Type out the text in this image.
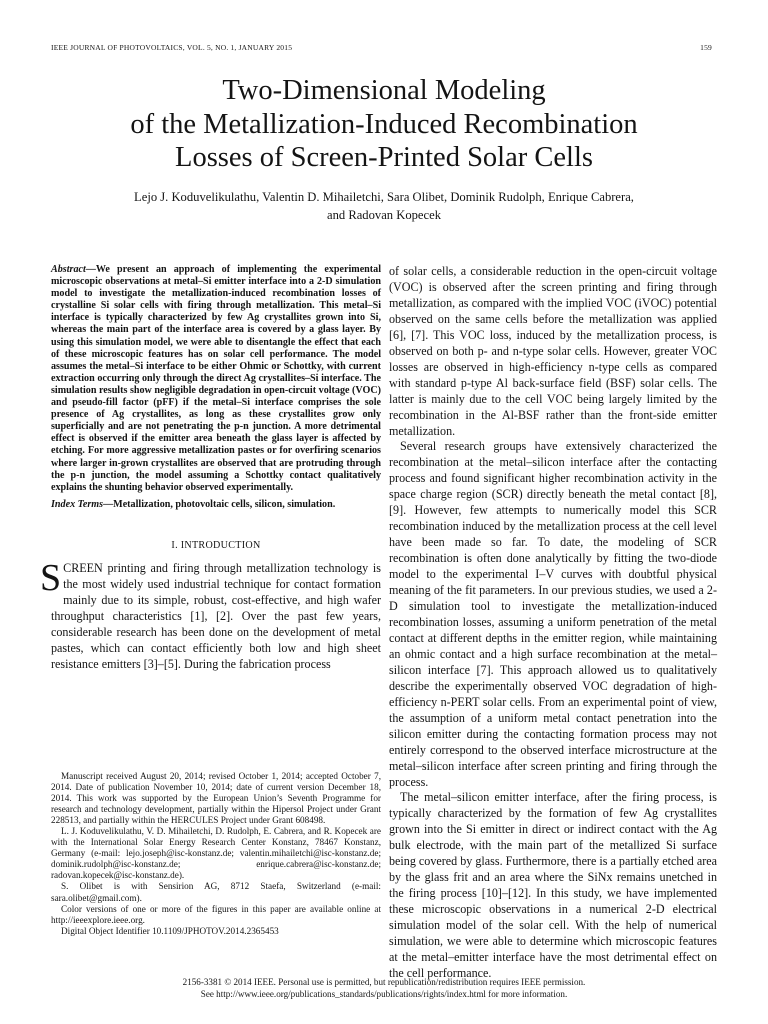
IEEE JOURNAL OF PHOTOVOLTAICS, VOL. 5, NO. 1, JANUARY 2015	159
Two-Dimensional Modeling
of the Metallization-Induced Recombination
Losses of Screen-Printed Solar Cells
Lejo J. Koduvelikulathu, Valentin D. Mihailetchi, Sara Olibet, Dominik Rudolph, Enrique Cabrera,
and Radovan Kopecek

Abstract—We present an approach of implementing the experimental microscopic observations at metal–Si emitter interface into a 2-D simulation model to investigate the metallization-induced recombination losses of crystalline Si solar cells with firing through metallization. This metal–Si interface is typically characterized by few Ag crystallites grown into Si, whereas the main part of the interface area is covered by a glass layer. By using this simulation model, we were able to disentangle the effect that each of these microscopic features has on solar cell performance. The model assumes the metal–Si interface to be either Ohmic or Schottky, with current extraction occurring only through the direct Ag crystallites–Si interface. The simulation results show negligible degradation in open-circuit voltage (VOC) and pseudo-fill factor (pFF) if the metal–Si interface comprises the sole presence of Ag crystallites, as long as these crystallites grow only superficially and are not penetrating the p-n junction. A more detrimental effect is observed if the emitter area beneath the glass layer is affected by etching. For more aggressive metallization pastes or for overfiring scenarios where larger in-grown crystallites are observed that are protruding through the p-n junction, the model assuming a Schottky contact qualitatively explains the shunting behavior observed experimentally.

Index Terms—Metallization, photovoltaic cells, silicon, simulation.

I. INTRODUCTION

SCREEN printing and firing through metallization technology is the most widely used industrial technique for contact formation mainly due to its simple, robust, cost-effective, and high wafer throughput characteristics [1], [2]. Over the past few years, considerable research has been done on the development of metal pastes, which can contact efficiently both low and high sheet resistance emitters [3]–[5]. During the fabrication process

Manuscript received August 20, 2014; revised October 1, 2014; accepted October 7, 2014. Date of publication November 10, 2014; date of current version December 18, 2014. This work was supported by the European Union’s Seventh Programme for research and technology development, partially within the Hipersol Project under Grant 228513, and partially within the HERCULES Project under Grant 608498.

L. J. Koduvelikulathu, V. D. Mihailetchi, D. Rudolph, E. Cabrera, and R. Kopecek are with the International Solar Energy Research Center Konstanz, 78467 Konstanz, Germany (e-mail: lejo.joseph@isc-konstanz.de; valentin.mihailetchi@isc-konstanz.de; dominik.rudolph@isc-konstanz.de; enrique.cabrera@isc-konstanz.de; radovan.kopecek@isc-konstanz.de).

S. Olibet is with Sensirion AG, 8712 Staefa, Switzerland (e-mail: sara.olibet@gmail.com).

Color versions of one or more of the figures in this paper are available online at http://ieeexplore.ieee.org.

Digital Object Identifier 10.1109/JPHOTOV.2014.2365453

of solar cells, a considerable reduction in the open-circuit voltage (VOC) is observed after the screen printing and firing through metallization, as compared with the implied VOC (iVOC) potential observed on the same cells before the metallization was applied [6], [7]. This VOC loss, induced by the metallization process, is observed on both p- and n-type solar cells. However, greater VOC losses are observed in high-efficiency n-type cells as compared with standard p-type Al back-surface field (BSF) solar cells. The latter is mainly due to the cell VOC being largely limited by the recombination in the Al-BSF rather than the front-side emitter metallization.

Several research groups have extensively characterized the recombination at the metal–silicon interface after the contacting process and found significant higher recombination activity in the space charge region (SCR) directly beneath the metal contact [8], [9]. However, few attempts to numerically model this SCR recombination induced by the metallization process at the cell level have been made so far. To date, the modeling of SCR recombination is often done analytically by fitting the two-diode model to the experimental I–V curves with doubtful physical meaning of the fit parameters. In our previous studies, we used a 2-D simulation tool to investigate the metallization-induced recombination losses, assuming a uniform penetration of the metal contact at different depths in the emitter region, while maintaining an ohmic contact and a high surface recombination at the metal–silicon interface [7]. This approach allowed us to qualitatively describe the experimentally observed VOC degradation of high-efficiency n-PERT solar cells. From an experimental point of view, the assumption of a uniform metal contact penetration into the silicon emitter during the contacting formation process may not entirely correspond to the observed interface microstructure at the metal–silicon interface after screen printing and firing through the process.

The metal–silicon emitter interface, after the firing process, is typically characterized by the formation of few Ag crystallites grown into the Si emitter in direct or indirect contact with the Ag bulk electrode, with the main part of the metallized Si surface being covered by glass. Furthermore, there is a partially etched area by the glass frit and an area where the SiNx remains unetched in the firing process [10]–[12]. In this study, we have implemented these microscopic observations in a numerical 2-D electrical simulation model of the solar cell. With the help of numerical simulation, we were able to determine which microscopic features at the metal–emitter interface have the most detrimental effect on the cell performance.

2156-3381 © 2014 IEEE. Personal use is permitted, but republication/redistribution requires IEEE permission.
See http://www.ieee.org/publications_standards/publications/rights/index.html for more information.
